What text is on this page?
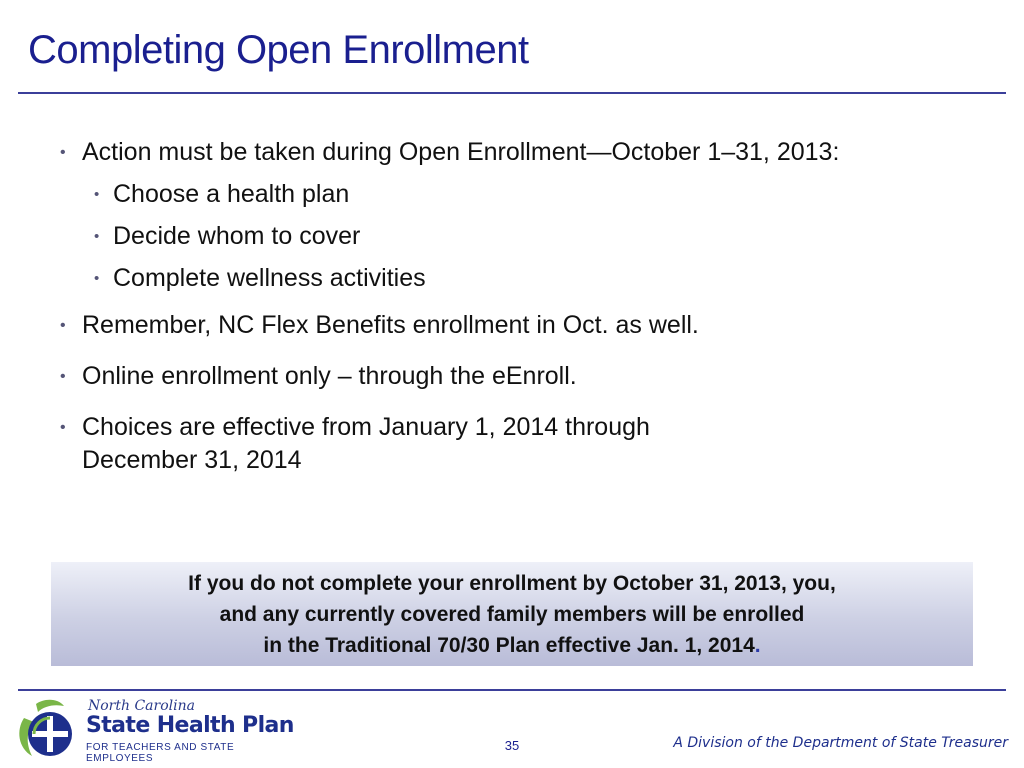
Completing Open Enrollment
• Action must be taken during Open Enrollment—October 1–31, 2013:
• Choose a health plan
• Decide whom to cover
• Complete wellness activities
• Remember, NC Flex Benefits enrollment in Oct. as well.
• Online enrollment only – through the eEnroll.
• Choices are effective from January 1, 2014 through
December 31, 2014
If you do not complete your enrollment by October 31, 2013, you,
and any currently covered family members will be enrolled
in the Traditional 70/30 Plan effective Jan. 1, 2014.
North Carolina
State Health Plan
FOR TEACHERS AND STATE EMPLOYEES
35	A Division of the Department of State Treasurer
